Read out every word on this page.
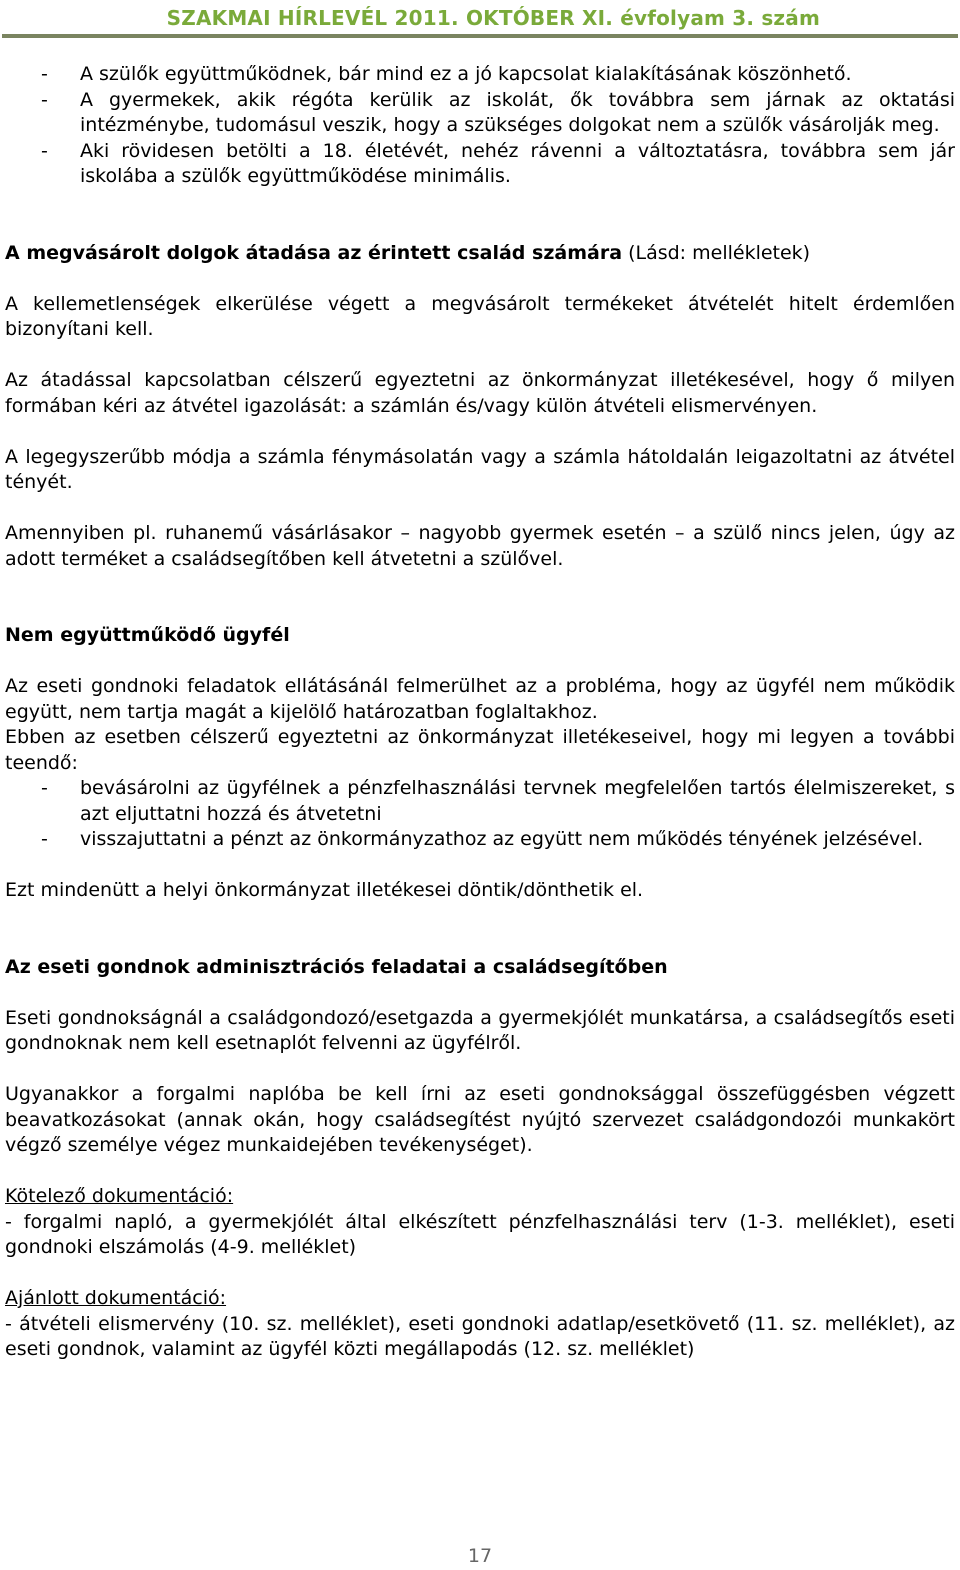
SZAKMAI HÍRLEVÉL 2011. OKTÓBER XI. évfolyam 3. szám
- A szülők együttműködnek, bár mind ez a jó kapcsolat kialakításának köszönhető.
- A gyermekek, akik régóta kerülik az iskolát, ők továbbra sem járnak az oktatási intézménybe, tudomásul veszik, hogy a szükséges dolgokat nem a szülők vásárolják meg.
- Aki rövidesen betölti a 18. életévét, nehéz rávenni a változtatásra, továbbra sem jár iskolába a szülők együttműködése minimális.

A megvásárolt dolgok átadása az érintett család számára (Lásd: mellékletek)

A kellemetlenségek elkerülése végett a megvásárolt termékeket átvételét hitelt érdemlően bizonyítani kell.

Az átadással kapcsolatban célszerű egyeztetni az önkormányzat illetékesével, hogy ő milyen formában kéri az átvétel igazolását: a számlán és/vagy külön átvételi elismervényen.

A legegyszerűbb módja a számla fénymásolatán vagy a számla hátoldalán leigazoltatni az átvétel tényét.

Amennyiben pl. ruhanemű vásárlásakor – nagyobb gyermek esetén – a szülő nincs jelen, úgy az adott terméket a családsegítőben kell átvetetni a szülővel.

Nem együttműködő ügyfél

Az eseti gondnoki feladatok ellátásánál felmerülhet az a probléma, hogy az ügyfél nem működik együtt, nem tartja magát a kijelölő határozatban foglaltakhoz.

Ebben az esetben célszerű egyeztetni az önkormányzat illetékeseivel, hogy mi legyen a további teendő:

- bevásárolni az ügyfélnek a pénzfelhasználási tervnek megfelelően tartós élelmiszereket, s azt eljuttatni hozzá és átvetetni
- visszajuttatni a pénzt az önkormányzathoz az együtt nem működés tényének jelzésével.

Ezt mindenütt a helyi önkormányzat illetékesei döntik/dönthetik el.

Az eseti gondnok adminisztrációs feladatai a családsegítőben

Eseti gondnokságnál a családgondozó/esetgazda a gyermekjólét munkatársa, a családsegítős eseti gondnoknak nem kell esetnaplót felvenni az ügyfélről.

Ugyanakkor a forgalmi naplóba be kell írni az eseti gondnoksággal összefüggésben végzett beavatkozásokat (annak okán, hogy családsegítést nyújtó szervezet családgondozói munkakört végző személye végez munkaidejében tevékenységet).

Kötelező dokumentáció:
- forgalmi napló, a gyermekjólét által elkészített pénzfelhasználási terv (1-3. melléklet), eseti gondnoki elszámolás (4-9. melléklet)

Ajánlott dokumentáció:
- átvételi elismervény (10. sz. melléklet), eseti gondnoki adatlap/esetkövető (11. sz. melléklet), az eseti gondnok, valamint az ügyfél közti megállapodás (12. sz. melléklet)

17
